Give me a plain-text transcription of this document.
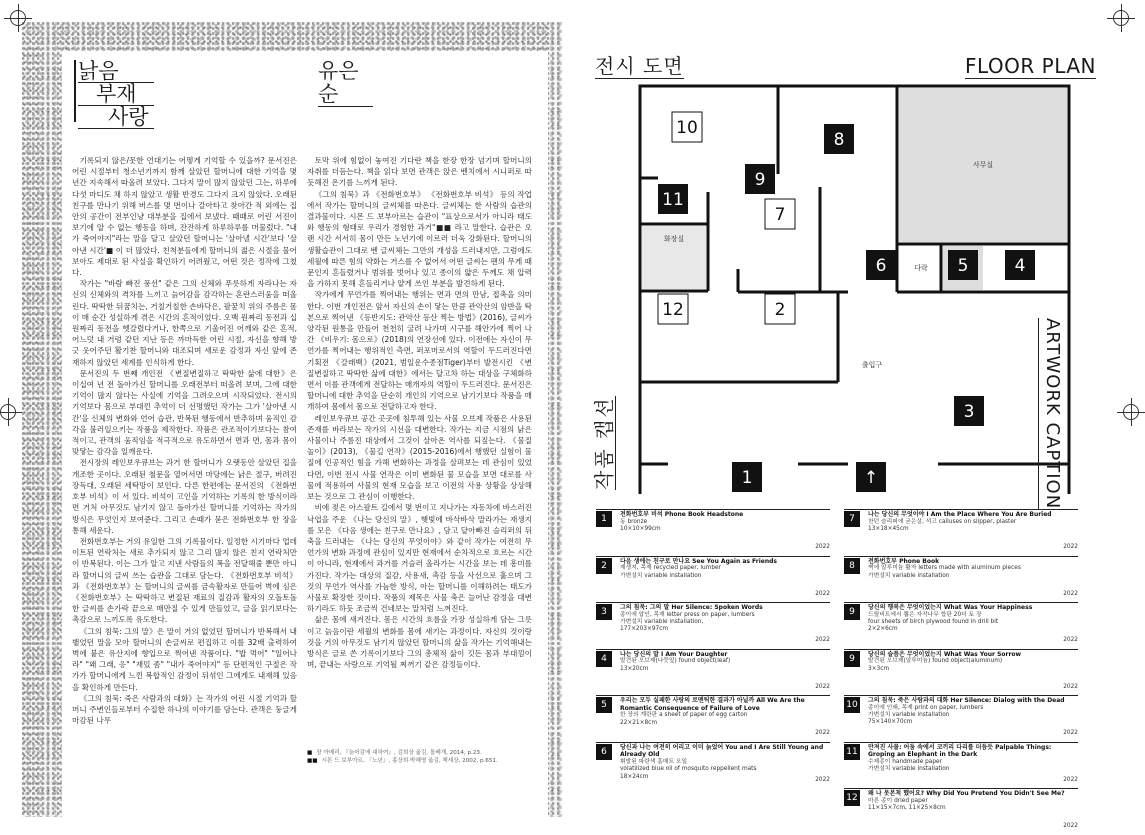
낡음
부재
사랑
유은순

기록되지 않은/못한 언대기는 어떻게 기억할 수 있을까? 문서진은 어린 시절부터 청소년기까지 함께 살았던 할머니에 대한 기억을 몇 년간 지속해서 따올려 보았다. 그다지 말이 많지 않았던 그는, 하루에 다섯 마디도 채 하지 않았고 생활 반경도 그다지 크지 않았다. 오래된 친구를 만나기 위해 버스를 몇 번이나 갈아타고 찾아간 적 외에는 집안의 공간이 전부인냥 대부분을 집에서 보냈다. 때때로 어린 서진이 보기에 알 수 없는 행동을 하며, 잔잔하게 하루하루를 머물렀다. "내가 죽어야지"라는 말을 달고 살았던 할머니는 '살아낼 시간'보다 '살아낸 시간'■ 이 더 많았다. 친척분들에게 할머니의 젊은 시절을 물어보아도 제대로 된 사실을 확인하기 어려웠고, 어떤 것은 정작에 그쳤다.

작가는 "바람 빠진 풍선" 같은 그의 신체와 푸릇하게 자라나는 자신의 신체와의 격차를 느끼고 늙어감을 감각하는 혼란스러움을 떠올린다. 딱딱한 뒤꿈치는, 거칠거칠한 손바닥은, 팔꿈치 위의 주름은 몸이 매 순간 성실하게 겪은 시간의 흔적이었다. 오백 원짜리 동전과 십 원짜리 동전을 헷갈렸다거나, 한쪽으로 기울어진 어깨와 같은 흔적, 어느덧 내 거렁 같던 지난 등은 까마득한 어린 시절, 자신을 향해 방긋 웃어주던 활기찬 할머니와 대조되며 새로운 감정과 자신 앞에 존재하지 않았던 세계를 인식하게 한다.

문서진의 두 번째 개인전 《변질변질하고 딱딱한 삶에 대한》은 이십여 년 전 돌아가신 할머니를 오래전부터 떠올려 보며, 그에 대한 기억이 많지 않다는 사실에 기억을 그려오으며 시작되었다. 전시의 기억보다 몸으로 부대낀 추억이 더 선명했던 작가는 그가 '살아낸 시간'을 신체의 변화와 언어 습관, 반복된 행동에서 반추하며 움직인 감각을 불러일으키는 작품을 제작한다. 작품은 관조적이기보다는 참여적이고, 관객의 움직임을 적극적으로 유도하면서 면과 면, 몸과 몸이 맞닿는 감각을 일깨운다.

전시장의 레인보우큐브는 과거 한 할머니가 오랫동안 살았던 집을 개조한 곳이다. 오래된 철문을 열어서면 마당에는 낡은 절구, 버려진 장독대, 오래된 세탁망이 보인다. 다른 한편에는 문서진의 《전화번호부 비석》이 서 있다. 비석이 고인을 기억하는 기록의 한 방식이라면 거처 아무것도 남기지 않고 돌아가신 할머니를 기억하는 작가의 방식은 무엇인지 보여준다. 그리고 손때가 묻은 전화번호부 한 장을 통해 세운다.

전화번호부는 거의 유일한 그의 기록물이다. 일정한 시기마다 업데이트된 연락처는 새로 추가되지 않고 그리 많지 않은 친지 연락처만이 반복된다. 이는 그가 알고 지낸 사람들의 폭을 전달해줄 뿐만 아니라 할머니의 글씨 쓰는 습관을 그대로 담는다. 《전화번호부 비석》과 《전화번호부》는 할머니의 글씨를 금속활자로 만들어 벽에 심은 《전화번호부》는 딱딱하고 변질된 재료의 질감과 활자의 오돌토돌한 글씨를 손가락 끝으로 매만질 수 있게 만들었고, 글을 읽기보다는 촉감으로 느끼도록 유도한다.

《그의 침묵: 그의 말》은 말이 거의 없었던 할머니가 반복해서 내뱉었던 말을 모아 할머니의 손글씨로 편집하고 이를 32배 출력하여 벽에 붙은 유산지에 향입으로 찍어낸 작품이다. "밥 먹어" "일어나라" "왜 그래, 응" "재밌 좀" "내가 죽어야지" 등 단편적인 구절은 작가가 할머니에게 느낀 복합적인 감정이 뒤섞인 그에게도 내재해 있음을 확인하게 만든다.

《그의 침묵: 죽은 사람과의 대화》는 작가의 어린 시절 기억과 할머니 주변인들로부터 수집한 하나의 이야기를 담는다. 관객은 둥글게 마감된 나무

토막 위에 힘없이 놓여진 기다란 책을 한장 한장 넘기며 할머니의 자취를 더듬는다. 책을 읽다 보면 관객은 앉은 벤치에서 시니퍼로 따듯해진 온기를 느끼게 된다.

《그의 침묵》과 《전화번호부》 《전화번호부 비석》 등의 작업에서 작가는 할머니의 글씨체를 따온다. 글씨체는 한 사람의 습관의 결과물이다. 시몬 드 보부아르는 습관이 "표상으로서가 아니라 태도와 행동의 형태로 우리가 경험한 과거"■■ 라고 말한다. 습관은 오랜 시간 서서히 몸이 만든 노년기에 이르러 더욱 강화된다. 할머니의 생활습관이 그대로 벤 글씨체는 그만의 개성을 드러내지만, 그럼에도 세월에 따른 힘의 약화는 거스를 수 없어서 어떤 글씨는 팬의 무게 때문인지 흔들렸거나 범위를 벗어나 있고 종이의 얇은 두께도 채 압력을 가하지 못해 흔들리거나 얕게 쓰인 부분을 발견하게 된다.

작가에게 무언가를 찍어내는 행위는 면과 면의 만남, 접촉을 의미한다. 이번 개인전은 앞서 자신의 손이 닿는 만큼 관악산의 암반을 탁본으로 찍어낸 《등반지도: 관악산 등산 찍는 방법》(2016), 글씨가 양각된 원통을 만들어 천천히 굴려 나가며 시구를 해안가에 찍어 나간 《비우기: 몸으로》(2018)의 연장선에 있다. 이전에는 자신이 무언가를 찍어내는 행위적인 측면, 퍼포머로서의 역할이 두드러진다면 기획전 《갈래백》(2021, 범일운수종점Tiger)부터 발전시킨 《변질변질하고 딱딱한 삶에 대한》에서는 달고차 하는 대상을 구체화하면서 이를 관객에게 전달하는 매개자의 역할이 두드러진다. 문서진은 할머니에 대한 추억을 단순히 개인의 기억으로 남기기보다 작품을 매개하여 몸에서 몸으로 전달하고자 한다.

레인보우큐브 공간 곳곳에 침투해 있는 사물 오브제 작품은 사용된 존재를 바라보는 작가의 시선을 대변한다. 작가는 지금 시점의 낡은 사물이나 주름진 대상에서 그것이 살아온 역사를 되짚는다. 《물질 놀이》(2013), 《물길 연작》(2015-2016)에서 행했던 실험이 물질에 인공적인 힘을 가해 변화하는 과정을 살펴보는 데 관심이 있었다면, 이번 전시 사물 연작은 이미 변화된 물 모습을 보면 대로를 사물에 적용하여 사물의 현재 모습을 보고 이전의 사용 상황을 상상해 보는 것으로 그 관심이 이행한다.

비에 젖은 아스팔트 길에서 몇 번이고 지나가는 자동차에 바스러진 낙엽을 주운 《나는 당신의 말》, 햇빛에 바삭바삭 말라가는 재생지를 모은 《다음 생에는 친구로 만나요》, 담고 달아빠진 슬리퍼의 뒤축을 드러내는 《나는 당신의 무엇이야》와 같이 작가는 여전히 무언가의 변화 과정에 관심이 있지만 현재에서 순차적으로 흐르는 시간이 아니라, 현재에서 과거를 거슬러 올라가는 시간을 보는 데 흥미를 가진다. 작가는 대상의 질감, 사용새, 촉감 등을 사선으로 훑으며 그것의 무언가 역사를 가늠한 방식, 아는 할머니를 이해하려는 태도가 사물로 확장한 것이다. 작품의 제목은 사물 축은 늘어난 감정을 대변하기라도 하듯 조금씩 건네보는 말처럼 느껴진다.

삶은 몸에 새겨진다. 몸은 시간의 흐름을 가장 성실하게 담는 그릇이고 늙음이란 세월의 변화를 몸에 새기는 과정이다. 자신의 것이랑 것을 거의 아무것도 남기지 않았던 할머니의 삶을 작가는 기억해내는 방식은 글로 쓴 기록이기보다 그의 총체적 삶이 깃든 몸과 부대낌이며, 끝내는 사랑으로 기억될 찌꺼기 같은 감정들이다.

■ 장 아메리, 『늙어감에 대하여』, 김희상 옮김, 돌베개, 2014, p.23.
■■ 시몬 드 보부아르, 『노년』, 홍상희·박혜영 옮김, 책세상, 2002, p.651.
전시 도면	FLOOR PLAN
사무실
화장실
다락
출입구
10
8
9
11
7
6	5	4
12	2
3
1	↑	ARTWORK CAPTION
작품 캡션
1	전화번호부 비석 Phone Book Headstone
동 bronze
10×10×99cm
2022
2	다음 생에는 친구로 만나요 See You Again as Friends
재생지, 목재 recycled paper, lumber
가변설치 variable installation
2022
3	그의 침묵: 그의 말 Her Silence: Spoken Words
종이에 압인, 목재 letter press on paper, lumbers
가변설치 variable installation,
177×203×97cm
2022
4	나는 당신의 말 I Am Your Daughter
발견된 오브제(나뭇잎) found object(leaf)
13×20cm
2022
5	우리는 모두 실패한 사랑의 로맨틱한 결과가 아닐까 All We Are the Romantic Consequence of Failure of Love
한 장의 계란판 a sheet of paper of egg carton
22×21×8cm
2022
6	당신과 나는 여전히 어리고 이미 늙었어 You and I Are Still Young and Already Old
휘발된 파란색 홈매트 오일
volatilized blue oil of mosquito reppellent mats
18×24cm
2022
7	나는 당신의 무엇이야 I Am the Place Where You Are Buried
찬던 슬리퍼에 굳은살, 석고 calluses on slipper, plaster
13×18×45cm
2022
8	전화번호부 Phone Book
벽에 알루미늄 활자 letters made with aluminum pieces
가변설치 variable installation
2022
9	당신의 행복은 무엇이었는지 What Was Your Happiness
드릴비트에서 뽑은 자작나무 합판 20더 토 장
four sheets of birch plywood found in drill bit
2×2×6cm
2022
9	당신의 슬픔은 무엇이었는지 What Was Your Sorrow
발견된 오브제(알루미늄) found object(aluminum)
3×3cm
2022
10	그의 침묵: 죽은 사람과의 대화 Her Silence: Dialog with the Dead
종이에 인쇄, 목재 print on paper, lumbers
가변설치 variable installation
75×140×70cm
2022
11	만져진 사물: 어둠 속에서 코끼리 다리를 더듬듯 Palpable Things: Groping an Elephant in the Dark
수제종이 handmade paper
가변설치 variable installation
2022
12	왜 나 못본척 했어요? Why Did You Pretend You Didn't See Me?
마른 종이 dried paper
11×15×7cm, 11×25×8cm
2022
